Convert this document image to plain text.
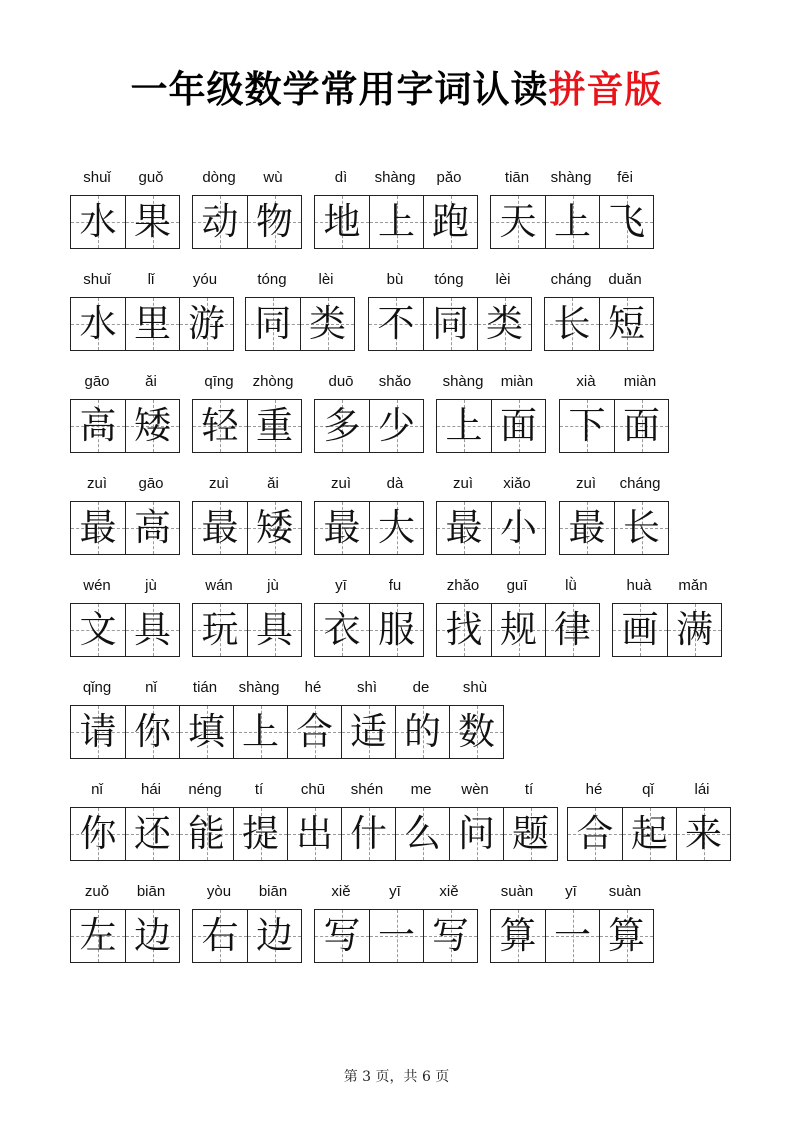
一年级数学常用字词认读拼音版
shuǐ	guǒ
水 果
dòng	wù
动 物
dì	shàng	pǎo
地 上 跑
tiān	shàng	fēi
天 上 飞
shuǐ	lǐ	yóu
水 里 游
tóng	lèi
同 类
bù	tóng	lèi
不 同 类
cháng	duǎn
长 短
gāo	ǎi
高 矮
qīng	zhòng
轻 重
duō	shǎo
多 少
shàng	miàn
上 面
xià	miàn
下 面
zuì	gāo
最 高
zuì	ǎi
最 矮
zuì	dà
最 大
zuì	xiǎo
最 小
zuì	cháng
最 长
wén	jù
文 具
wán	jù
玩 具
yī	fu
衣 服
zhǎo	guī	lǜ
找 规 律
huà	mǎn
画 满
qǐng	nǐ	tián	shàng	hé	shì	de	shù
请 你 填 上 合 适 的 数
nǐ	hái	néng	tí	chū	shén	me	wèn	tí
你 还 能 提 出 什 么 问 题
hé	qǐ	lái
合 起 来
zuǒ	biān
左 边
yòu	biān
右 边
xiě	yī	xiě
写 一 写
suàn	yī	suàn
算 一 算
第 3 页，共 6 页
